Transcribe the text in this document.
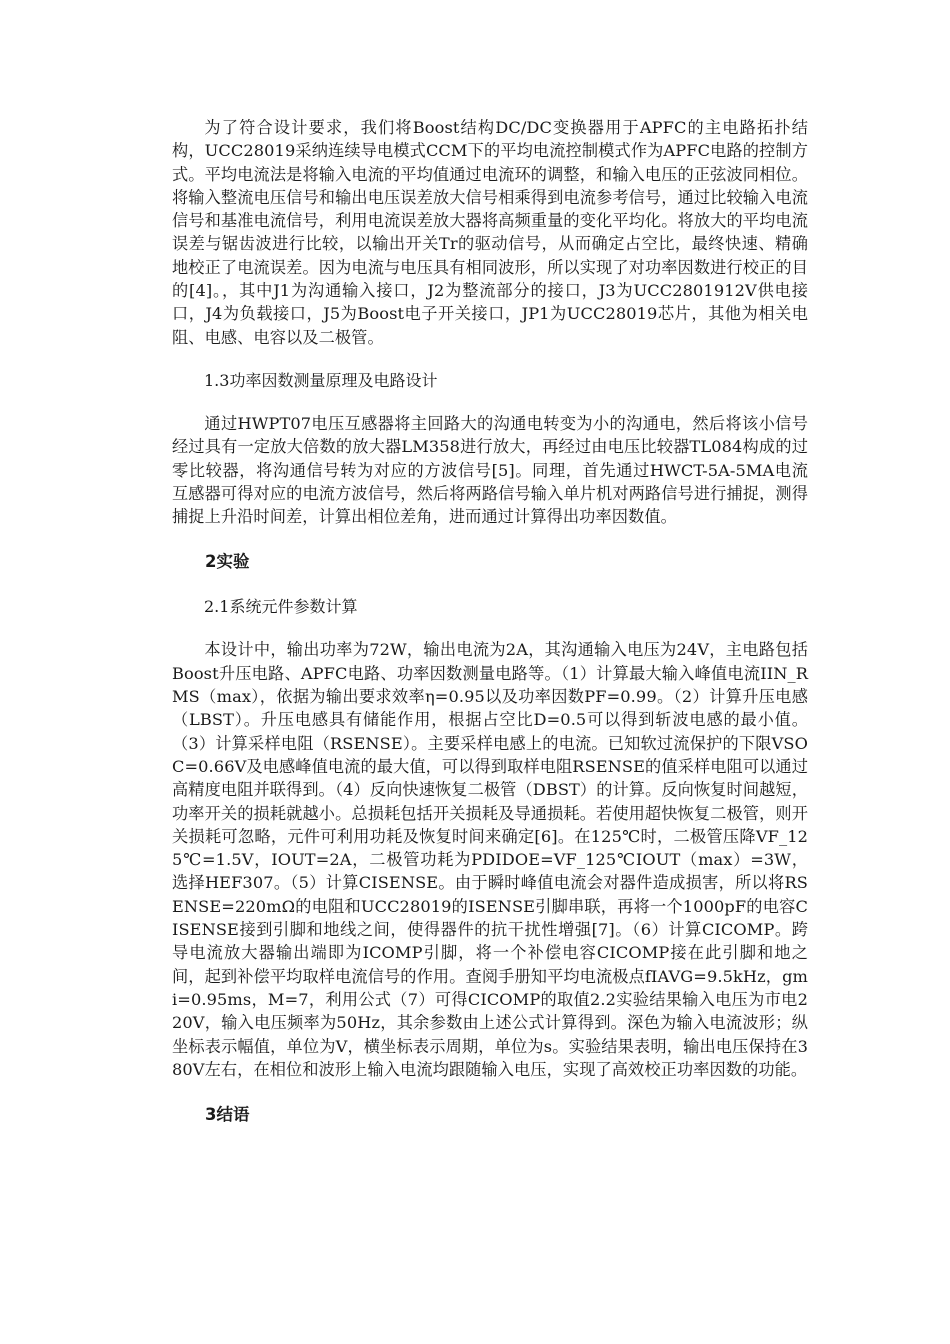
为了符合设计要求，我们将Boost结构DC/DC变换器用于APFC的主电路拓扑结构，UCC28019采纳连续导电模式CCM下的平均电流控制模式作为APFC电路的控制方式。平均电流法是将输入电流的平均值通过电流环的调整，和输入电压的正弦波同相位。将输入整流电压信号和输出电压误差放大信号相乘得到电流参考信号，通过比较输入电流信号和基准电流信号，利用电流误差放大器将高频重量的变化平均化。将放大的平均电流误差与锯齿波进行比较，以输出开关Tr的驱动信号，从而确定占空比，最终快速、精确地校正了电流误差。因为电流与电压具有相同波形，所以实现了对功率因数进行校正的目的[4]。，其中J1为沟通输入接口，J2为整流部分的接口，J3为UCC2801912V供电接口，J4为负载接口，J5为Boost电子开关接口，JP1为UCC28019芯片，其他为相关电阻、电感、电容以及二极管。

1.3功率因数测量原理及电路设计

通过HWPT07电压互感器将主回路大的沟通电转变为小的沟通电，然后将该小信号经过具有一定放大倍数的放大器LM358进行放大，再经过由电压比较器TL084构成的过零比较器，将沟通信号转为对应的方波信号[5]。同理，首先通过HWCT-5A-5MA电流互感器可得对应的电流方波信号，然后将两路信号输入单片机对两路信号进行捕捉，测得捕捉上升沿时间差，计算出相位差角，进而通过计算得出功率因数值。

2实验

2.1系统元件参数计算

本设计中，输出功率为72W，输出电流为2A，其沟通输入电压为24V，主电路包括Boost升压电路、APFC电路、功率因数测量电路等。（1）计算最大输入峰值电流IIN_RMS（max），依据为输出要求效率η=0.95以及功率因数PF=0.99。（2）计算升压电感（LBST）。升压电感具有储能作用，根据占空比D=0.5可以得到斩波电感的最小值。（3）计算采样电阻（RSENSE）。主要采样电感上的电流。已知软过流保护的下限VSOC=0.66V及电感峰值电流的最大值，可以得到取样电阻RSENSE的值采样电阻可以通过高精度电阻并联得到。（4）反向快速恢复二极管（DBST）的计算。反向恢复时间越短，功率开关的损耗就越小。总损耗包括开关损耗及导通损耗。若使用超快恢复二极管，则开关损耗可忽略，元件可利用功耗及恢复时间来确定[6]。在125℃时，二极管压降VF_125℃=1.5V，IOUT=2A，二极管功耗为PDIDOE=VF_125℃IOUT（max）=3W，选择HEF307。（5）计算CISENSE。由于瞬时峰值电流会对器件造成损害，所以将RSENSE=220mΩ的电阻和UCC28019的ISENSE引脚串联，再将一个1000pF的电容CISENSE接到引脚和地线之间，使得器件的抗干扰性增强[7]。（6）计算CICOMP。跨导电流放大器输出端即为ICOMP引脚，将一个补偿电容CICOMP接在此引脚和地之间，起到补偿平均取样电流信号的作用。查阅手册知平均电流极点fIAVG=9.5kHz，gmi=0.95ms，M=7，利用公式（7）可得CICOMP的取值2.2实验结果输入电压为市电220V，输入电压频率为50Hz，其余参数由上述公式计算得到。深色为输入电流波形；纵坐标表示幅值，单位为V，横坐标表示周期，单位为s。实验结果表明，输出电压保持在380V左右，在相位和波形上输入电流均跟随输入电压，实现了高效校正功率因数的功能。

3结语
